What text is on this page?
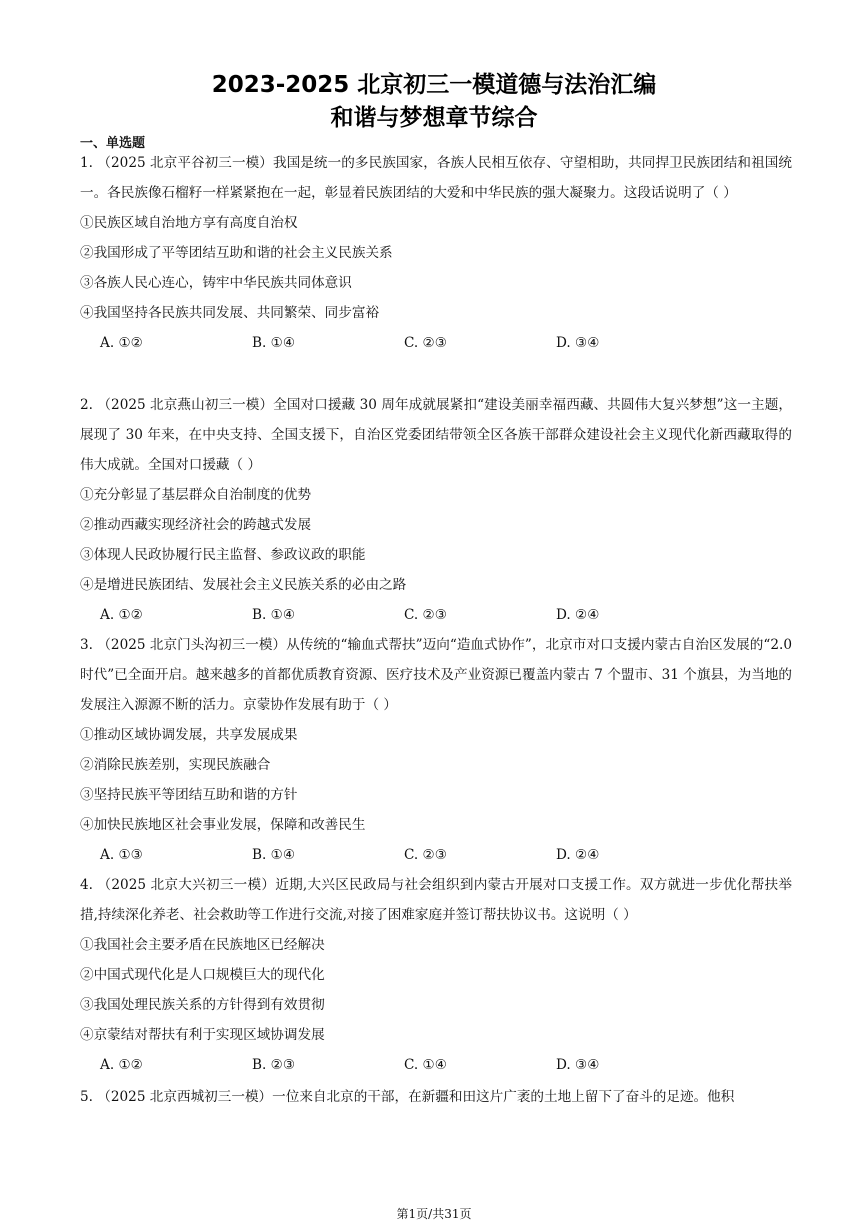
2023-2025 北京初三一模道德与法治汇编
和谐与梦想章节综合
一、单选题

1. （2025 北京平谷初三一模）我国是统一的多民族国家，各族人民相互依存、守望相助，共同捍卫民族团结和祖国统一。各民族像石榴籽一样紧紧抱在一起，彰显着民族团结的大爱和中华民族的强大凝聚力。这段话说明了（ ）

①民族区域自治地方享有高度自治权

②我国形成了平等团结互助和谐的社会主义民族关系

③各族人民心连心，铸牢中华民族共同体意识

④我国坚持各民族共同发展、共同繁荣、同步富裕

A. ①②	B. ①④	C. ②③	D. ③④

2. （2025 北京燕山初三一模）全国对口援藏 30 周年成就展紧扣“建设美丽幸福西藏、共圆伟大复兴梦想”这一主题，展现了 30 年来，在中央支持、全国支援下，自治区党委团结带领全区各族干部群众建设社会主义现代化新西藏取得的伟大成就。全国对口援藏（ ）

①充分彰显了基层群众自治制度的优势

②推动西藏实现经济社会的跨越式发展

③体现人民政协履行民主监督、参政议政的职能

④是增进民族团结、发展社会主义民族关系的必由之路

A. ①②	B. ①④	C. ②③	D. ②④

3. （2025 北京门头沟初三一模）从传统的“输血式帮扶”迈向“造血式协作”，北京市对口支援内蒙古自治区发展的“2.0 时代”已全面开启。越来越多的首都优质教育资源、医疗技术及产业资源已覆盖内蒙古 7 个盟市、31 个旗县，为当地的发展注入源源不断的活力。京蒙协作发展有助于（ ）

①推动区域协调发展，共享发展成果

②消除民族差别，实现民族融合

③坚持民族平等团结互助和谐的方针

④加快民族地区社会事业发展，保障和改善民生

A. ①③	B. ①④	C. ②③	D. ②④

4. （2025 北京大兴初三一模）近期,大兴区民政局与社会组织到内蒙古开展对口支援工作。双方就进一步优化帮扶举措,持续深化养老、社会救助等工作进行交流,对接了困难家庭并签订帮扶协议书。这说明（ ）

①我国社会主要矛盾在民族地区已经解决

②中国式现代化是人口规模巨大的现代化

③我国处理民族关系的方针得到有效贯彻

④京蒙结对帮扶有利于实现区域协调发展

A. ①②	B. ②③	C. ①④	D. ③④

5. （2025 北京西城初三一模）一位来自北京的干部，在新疆和田这片广袤的土地上留下了奋斗的足迹。他积

第1页/共31页
